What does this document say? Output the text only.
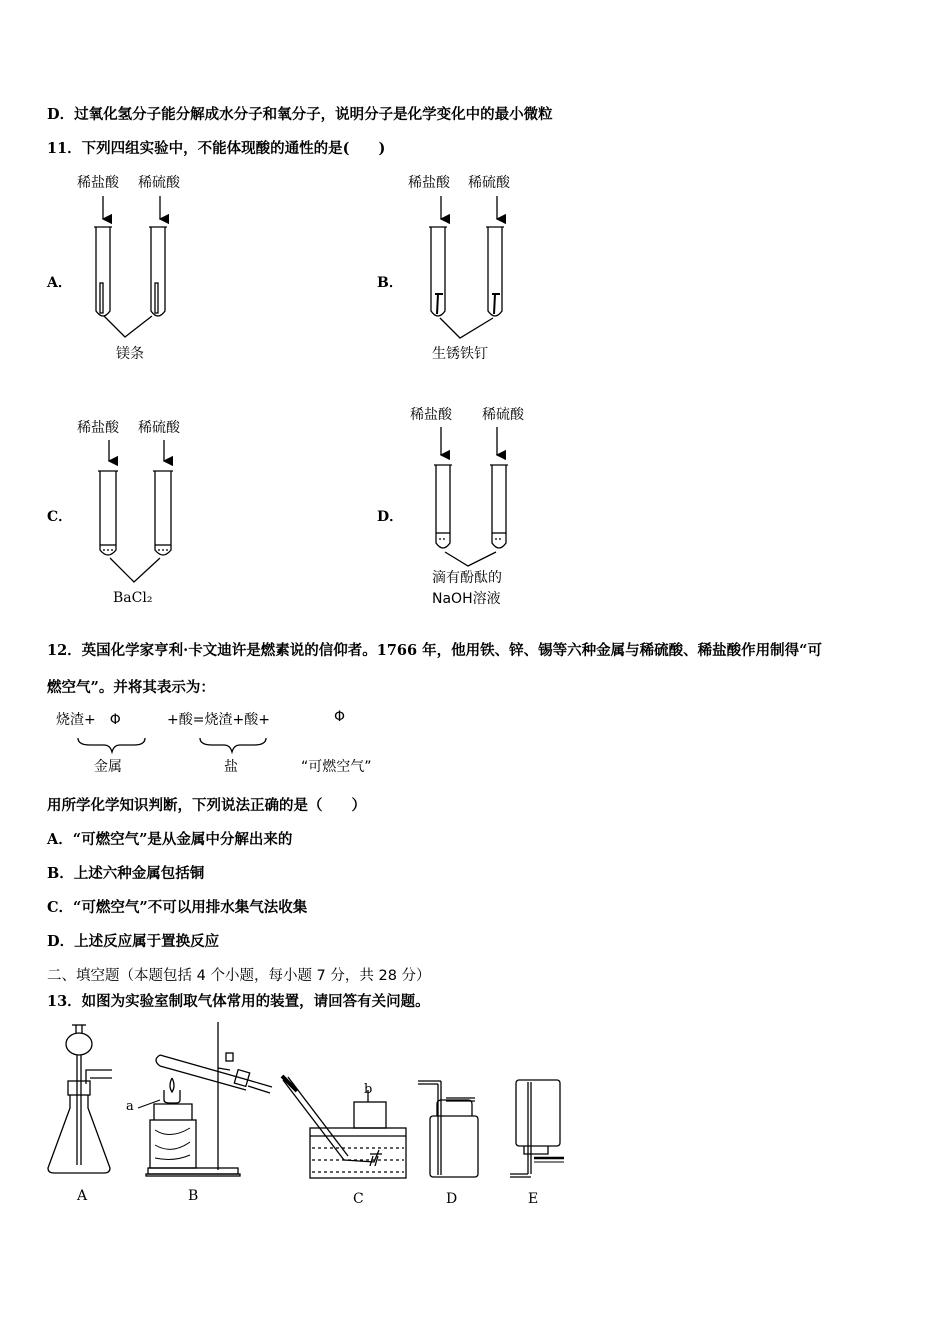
D．过氧化氢分子能分解成水分子和氧分子，说明分子是化学变化中的最小微粒
11．下列四组实验中，不能体现酸的通性的是(　　)
A．	B．
C．	D．
稀盐酸 稀硫酸
镁条
稀盐酸 稀硫酸
生锈铁钉
稀盐酸 稀硫酸
BaCl₂
稀盐酸 稀硫酸
滴有酚酞的
NaOH溶液
12．英国化学家亨利·卡文迪许是燃素说的信仰者。1766 年，他用铁、锌、锡等六种金属与稀硫酸、稀盐酸作用制得“可
燃空气”。并将其表示为：
烧渣+　Φ	+酸=烧渣+酸+	Φ
金属	盐	“可燃空气”
用所学化学知识判断，下列说法正确的是（　　）
A．“可燃空气”是从金属中分解出来的
B．上述六种金属包括铜
C．“可燃空气”不可以用排水集气法收集
D．上述反应属于置换反应
二、填空题（本题包括 4 个小题，每小题 7 分，共 28 分）
13．如图为实验室制取气体常用的装置，请回答有关问题。
A	B	C	D	E
a
b
